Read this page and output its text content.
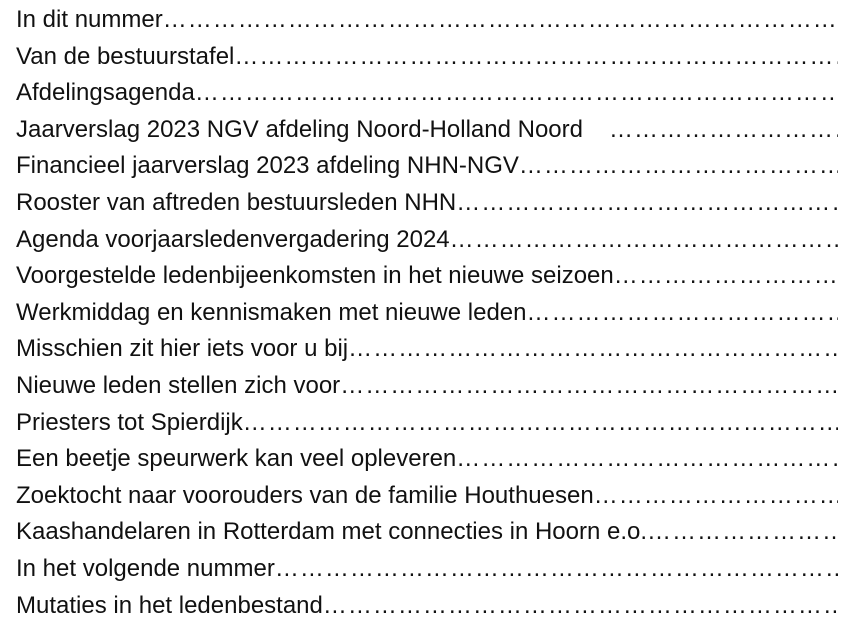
In dit nummer
……………………………………………………………………………………………………………………………………………………………………………………
Van de bestuurstafel
……………………………………………………………………………………………………………………………………………………………………………………
Afdelingsagenda
……………………………………………………………………………………………………………………………………………………………………………………
Jaarverslag 2023 NGV afdeling Noord-Holland Noord
……………………………………………………………………………………………………………………………………………………………………………………
Financieel jaarverslag 2023 afdeling NHN-NGV
……………………………………………………………………………………………………………………………………………………………………………………
Rooster van aftreden bestuursleden NHN
……………………………………………………………………………………………………………………………………………………………………………………
Agenda voorjaarsledenvergadering 2024
……………………………………………………………………………………………………………………………………………………………………………………
Voorgestelde ledenbijeenkomsten in het nieuwe seizoen
……………………………………………………………………………………………………………………………………………………………………………………
Werkmiddag en kennismaken met nieuwe leden
……………………………………………………………………………………………………………………………………………………………………………………
Misschien zit hier iets voor u bij
……………………………………………………………………………………………………………………………………………………………………………………
Nieuwe leden stellen zich voor
……………………………………………………………………………………………………………………………………………………………………………………
Priesters tot Spierdijk
……………………………………………………………………………………………………………………………………………………………………………………
Een beetje speurwerk kan veel opleveren
……………………………………………………………………………………………………………………………………………………………………………………
Zoektocht naar voorouders van de familie Houthuesen
……………………………………………………………………………………………………………………………………………………………………………………
Kaashandelaren in Rotterdam met connecties in Hoorn e.o.
……………………………………………………………………………………………………………………………………………………………………………………
In het volgende nummer
……………………………………………………………………………………………………………………………………………………………………………………
Mutaties in het ledenbestand
……………………………………………………………………………………………………………………………………………………………………………………
